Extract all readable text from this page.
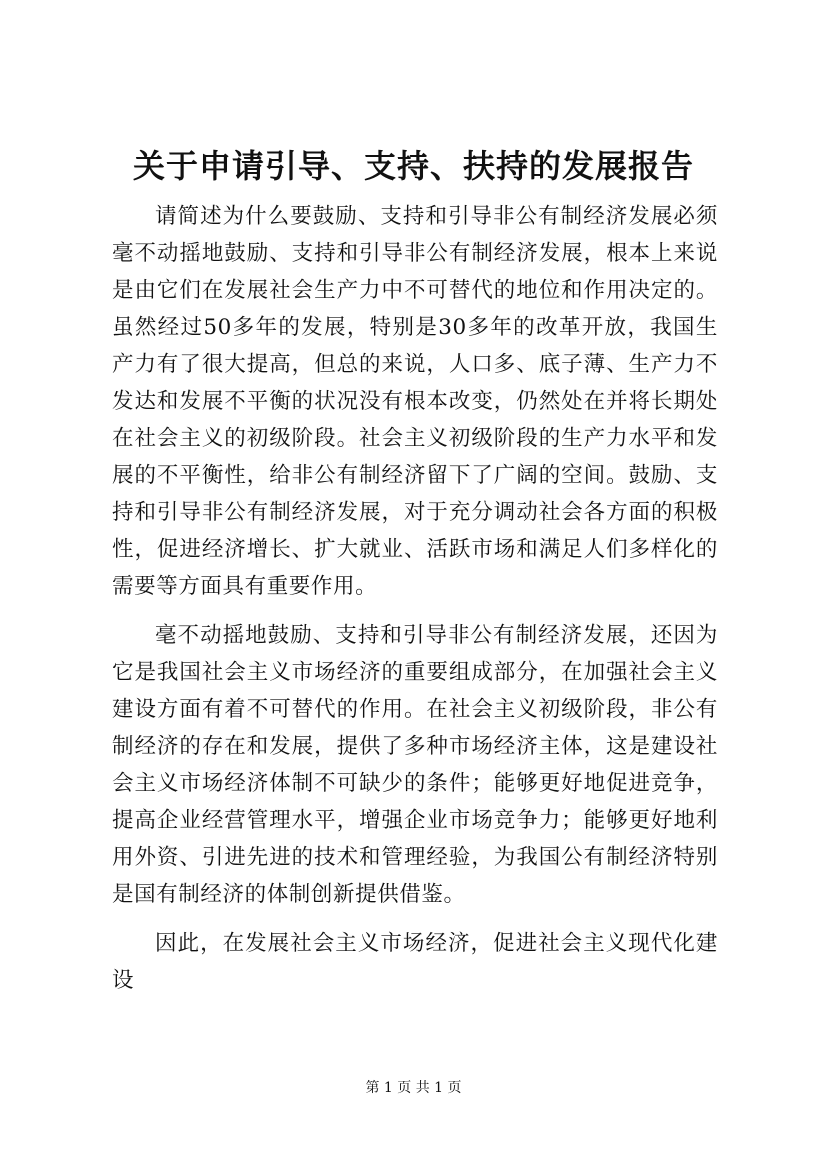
关于申请引导、支持、扶持的发展报告

请简述为什么要鼓励、支持和引导非公有制经济发展必须毫不动摇地鼓励、支持和引导非公有制经济发展，根本上来说是由它们在发展社会生产力中不可替代的地位和作用决定的。虽然经过50多年的发展，特别是30多年的改革开放，我国生产力有了很大提高，但总的来说，人口多、底子薄、生产力不发达和发展不平衡的状况没有根本改变，仍然处在并将长期处在社会主义的初级阶段。社会主义初级阶段的生产力水平和发展的不平衡性，给非公有制经济留下了广阔的空间。鼓励、支持和引导非公有制经济发展，对于充分调动社会各方面的积极性，促进经济增长、扩大就业、活跃市场和满足人们多样化的需要等方面具有重要作用。

毫不动摇地鼓励、支持和引导非公有制经济发展，还因为它是我国社会主义市场经济的重要组成部分，在加强社会主义建设方面有着不可替代的作用。在社会主义初级阶段，非公有制经济的存在和发展，提供了多种市场经济主体，这是建设社会主义市场经济体制不可缺少的条件；能够更好地促进竞争，提高企业经营管理水平，增强企业市场竞争力；能够更好地利用外资、引进先进的技术和管理经验，为我国公有制经济特别是国有制经济的体制创新提供借鉴。

因此，在发展社会主义市场经济，促进社会主义现代化建设

第 1 页 共 1 页
